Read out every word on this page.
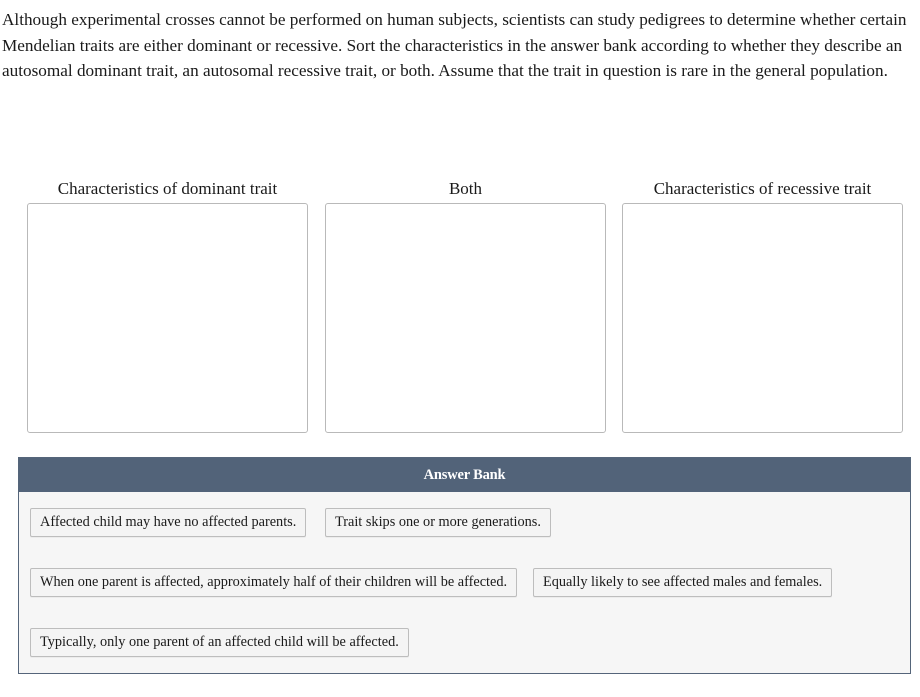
Although experimental crosses cannot be performed on human subjects, scientists can study pedigrees to determine whether certain Mendelian traits are either dominant or recessive. Sort the characteristics in the answer bank according to whether they describe an autosomal dominant trait, an autosomal recessive trait, or both. Assume that the trait in question is rare in the general population.

Characteristics of dominant trait	Both	Characteristics of recessive trait
Answer Bank
Affected child may have no affected parents.	Trait skips one or more generations.
When one parent is affected, approximately half of their children will be affected.	Equally likely to see affected males and females.
Typically, only one parent of an affected child will be affected.
